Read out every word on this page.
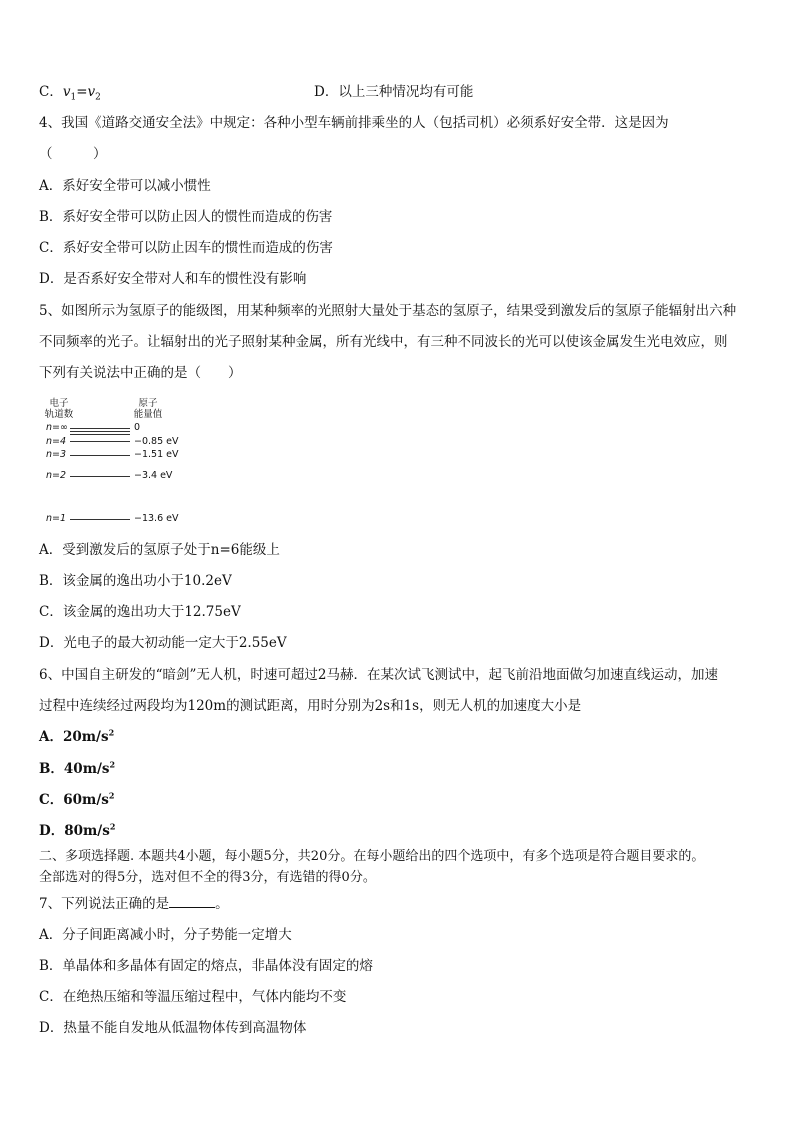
C．$v_1=v_2$	D．以上三种情况均有可能
4、我国《道路交通安全法》中规定：各种小型车辆前排乘坐的人（包括司机）必须系好安全带．这是因为
（　　　）
A．系好安全带可以减小惯性
B．系好安全带可以防止因人的惯性而造成的伤害
C．系好安全带可以防止因车的惯性而造成的伤害
D．是否系好安全带对人和车的惯性没有影响
5、如图所示为氢原子的能级图，用某种频率的光照射大量处于基态的氢原子，结果受到激发后的氢原子能辐射出六种
不同频率的光子。让辐射出的光子照射某种金属，所有光线中，有三种不同波长的光可以使该金属发生光电效应，则
下列有关说法中正确的是（　　）
电子
轨道数
原子
能量值
n=∞	0
n=4	−0.85 eV
n=3	−1.51 eV
n=2	−3.4 eV
n=1	−13.6 eV
A．受到激发后的氢原子处于n=6能级上
B．该金属的逸出功小于10.2eV
C．该金属的逸出功大于12.75eV
D．光电子的最大初动能一定大于2.55eV
6、中国自主研发的“暗剑”无人机，时速可超过2马赫．在某次试飞测试中，起飞前沿地面做匀加速直线运动，加速
过程中连续经过两段均为120m的测试距离，用时分别为2s和1s，则无人机的加速度大小是
A．$20m/s^2$
B．$40m/s^2$
C．$60m/s^2$
D．$80m/s^2$
二、多项选择题. 本题共4小题，每小题5分，共20分。在每小题给出的四个选项中，有多个选项是符合题目要求的。
全部选对的得5分，选对但不全的得3分，有选错的得0分。
7、下列说法正确的是	。
A．分子间距离减小时，分子势能一定增大
B．单晶体和多晶体有固定的熔点，非晶体没有固定的熔
C．在绝热压缩和等温压缩过程中，气体内能均不变
D．热量不能自发地从低温物体传到高温物体
